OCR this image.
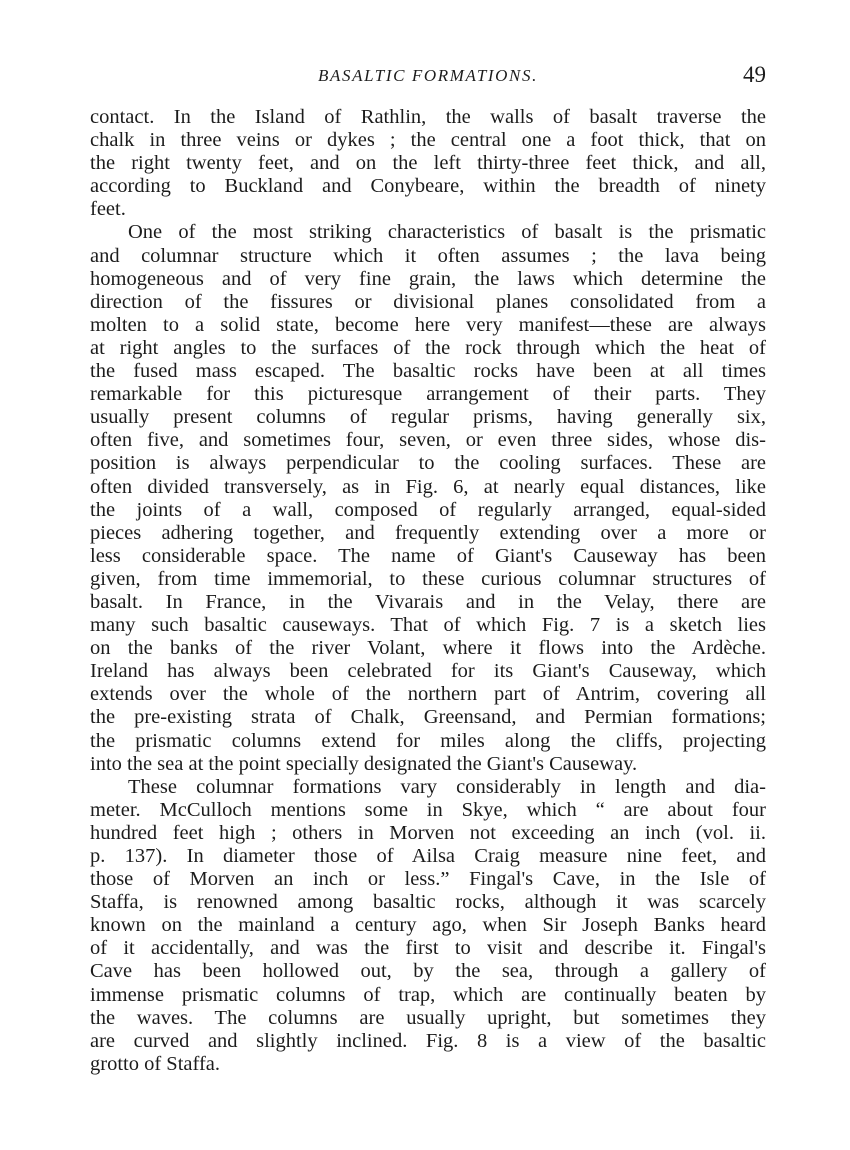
BASALTIC FORMATIONS.	49
contact. In the Island of Rathlin, the walls of basalt traverse the
chalk in three veins or dykes ; the central one a foot thick, that on
the right twenty feet, and on the left thirty-three feet thick, and all,
according to Buckland and Conybeare, within the breadth of ninety
feet.
One of the most striking characteristics of basalt is the prismatic
and columnar structure which it often assumes ; the lava being
homogeneous and of very fine grain, the laws which determine the
direction of the fissures or divisional planes consolidated from a
molten to a solid state, become here very manifest—these are always
at right angles to the surfaces of the rock through which the heat of
the fused mass escaped. The basaltic rocks have been at all times
remarkable for this picturesque arrangement of their parts. They
usually present columns of regular prisms, having generally six,
often five, and sometimes four, seven, or even three sides, whose dis-
position is always perpendicular to the cooling surfaces. These are
often divided transversely, as in Fig. 6, at nearly equal distances, like
the joints of a wall, composed of regularly arranged, equal-sided
pieces adhering together, and frequently extending over a more or
less considerable space. The name of Giant's Causeway has been
given, from time immemorial, to these curious columnar structures of
basalt. In France, in the Vivarais and in the Velay, there are
many such basaltic causeways. That of which Fig. 7 is a sketch lies
on the banks of the river Volant, where it flows into the Ardèche.
Ireland has always been celebrated for its Giant's Causeway, which
extends over the whole of the northern part of Antrim, covering all
the pre-existing strata of Chalk, Greensand, and Permian formations;
the prismatic columns extend for miles along the cliffs, projecting
into the sea at the point specially designated the Giant's Causeway.
These columnar formations vary considerably in length and dia-
meter. McCulloch mentions some in Skye, which “ are about four
hundred feet high ; others in Morven not exceeding an inch (vol. ii.
p. 137). In diameter those of Ailsa Craig measure nine feet, and
those of Morven an inch or less.” Fingal's Cave, in the Isle of
Staffa, is renowned among basaltic rocks, although it was scarcely
known on the mainland a century ago, when Sir Joseph Banks heard
of it accidentally, and was the first to visit and describe it. Fingal's
Cave has been hollowed out, by the sea, through a gallery of
immense prismatic columns of trap, which are continually beaten by
the waves. The columns are usually upright, but sometimes they
are curved and slightly inclined. Fig. 8 is a view of the basaltic
grotto of Staffa.
